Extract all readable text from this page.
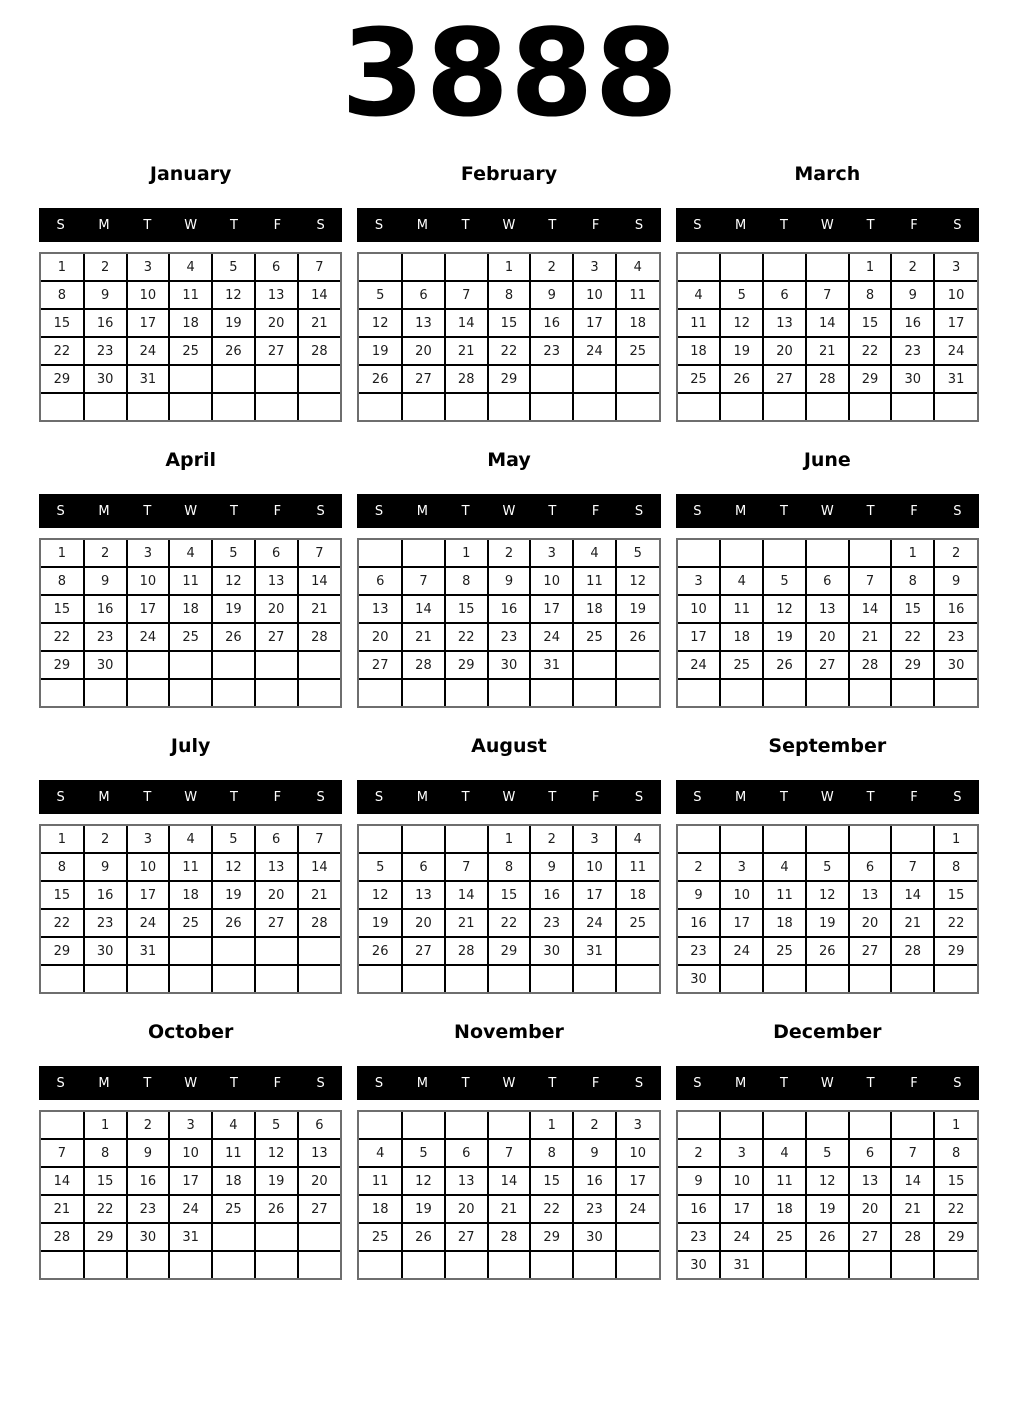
3888
January
S	M	T	W	T	F	S
1	2	3	4	5	6	7
8	9	10	11	12	13	14
15	16	17	18	19	20	21
22	23	24	25	26	27	28
29	30	31				

February
S	M	T	W	T	F	S
			1	2	3	4
5	6	7	8	9	10	11
12	13	14	15	16	17	18
19	20	21	22	23	24	25
26	27	28	29			

March
S	M	T	W	T	F	S
				1	2	3
4	5	6	7	8	9	10
11	12	13	14	15	16	17
18	19	20	21	22	23	24
25	26	27	28	29	30	31

April
S	M	T	W	T	F	S
1	2	3	4	5	6	7
8	9	10	11	12	13	14
15	16	17	18	19	20	21
22	23	24	25	26	27	28
29	30					

May
S	M	T	W	T	F	S
		1	2	3	4	5
6	7	8	9	10	11	12
13	14	15	16	17	18	19
20	21	22	23	24	25	26
27	28	29	30	31		

June
S	M	T	W	T	F	S
					1	2
3	4	5	6	7	8	9
10	11	12	13	14	15	16
17	18	19	20	21	22	23
24	25	26	27	28	29	30

July
S	M	T	W	T	F	S
1	2	3	4	5	6	7
8	9	10	11	12	13	14
15	16	17	18	19	20	21
22	23	24	25	26	27	28
29	30	31				

August
S	M	T	W	T	F	S
			1	2	3	4
5	6	7	8	9	10	11
12	13	14	15	16	17	18
19	20	21	22	23	24	25
26	27	28	29	30	31	

September
S	M	T	W	T	F	S
						1
2	3	4	5	6	7	8
9	10	11	12	13	14	15
16	17	18	19	20	21	22
23	24	25	26	27	28	29
30						
October
S	M	T	W	T	F	S
	1	2	3	4	5	6
7	8	9	10	11	12	13
14	15	16	17	18	19	20
21	22	23	24	25	26	27
28	29	30	31			

November
S	M	T	W	T	F	S
				1	2	3
4	5	6	7	8	9	10
11	12	13	14	15	16	17
18	19	20	21	22	23	24
25	26	27	28	29	30	

December
S	M	T	W	T	F	S
						1
2	3	4	5	6	7	8
9	10	11	12	13	14	15
16	17	18	19	20	21	22
23	24	25	26	27	28	29
30	31					
